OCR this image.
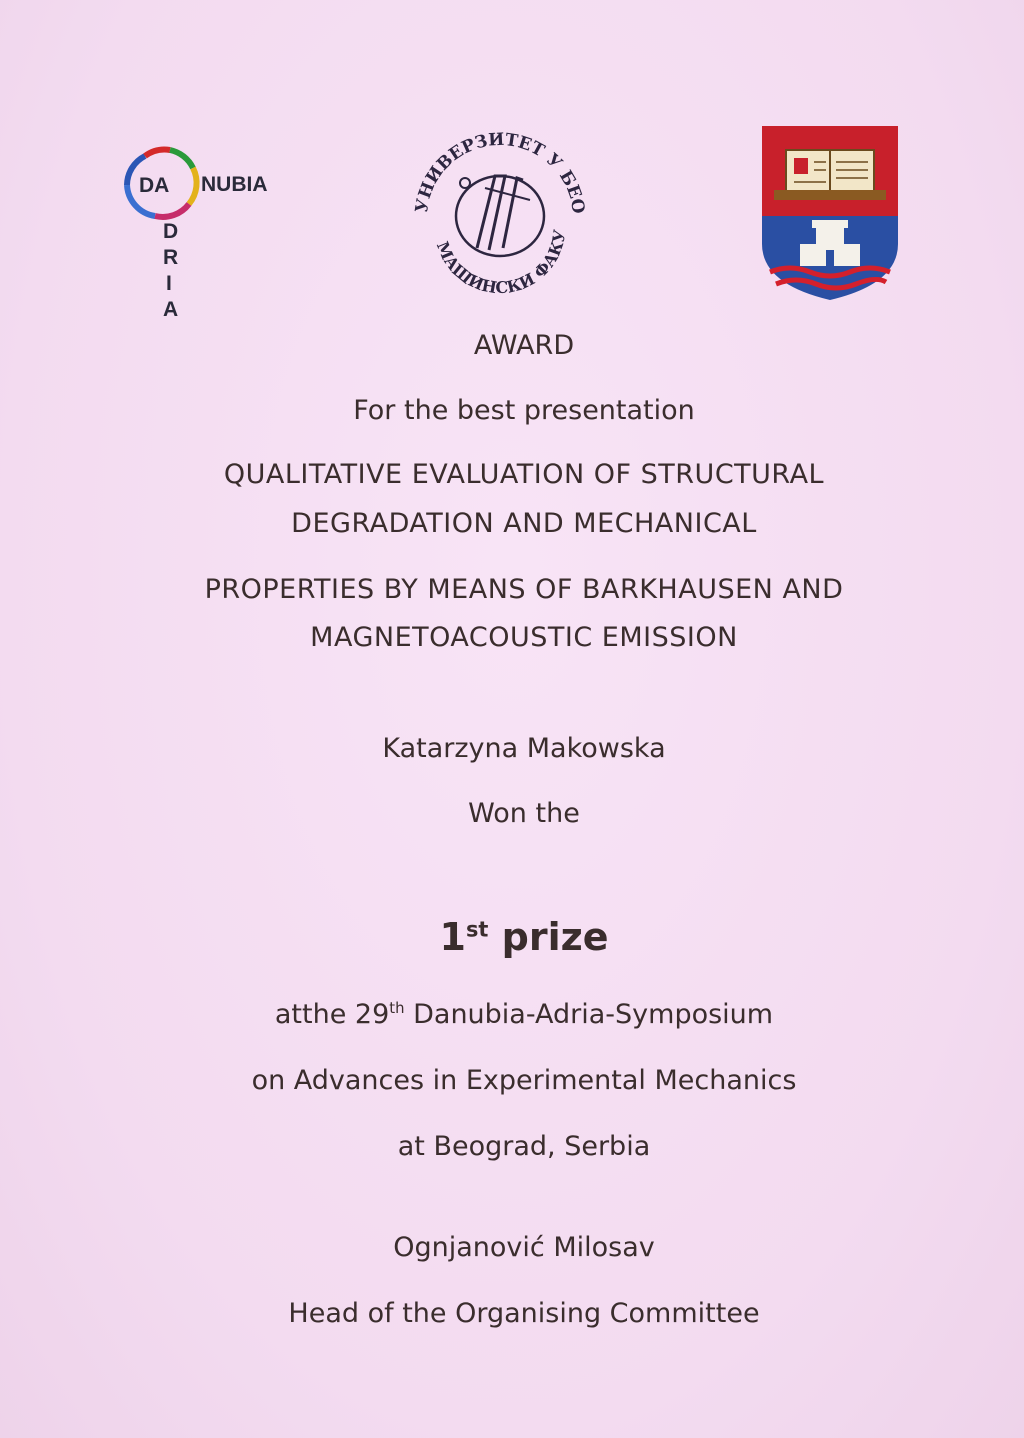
DA NUBIA
D
R
I
A
УНИВЕРЗИТЕТ У БЕО
МАШИНСКИ ФАКУ
AWARD
For the best presentation
QUALITATIVE EVALUATION OF STRUCTURAL
DEGRADATION AND MECHANICAL
PROPERTIES BY MEANS OF BARKHAUSEN AND
MAGNETOACOUSTIC EMISSION
Katarzyna Makowska
Won the
1st prize
atthe 29th Danubia-Adria-Symposium
on Advances in Experimental Mechanics
at Beograd, Serbia
Ognjanović Milosav
Head of the Organising Committee
